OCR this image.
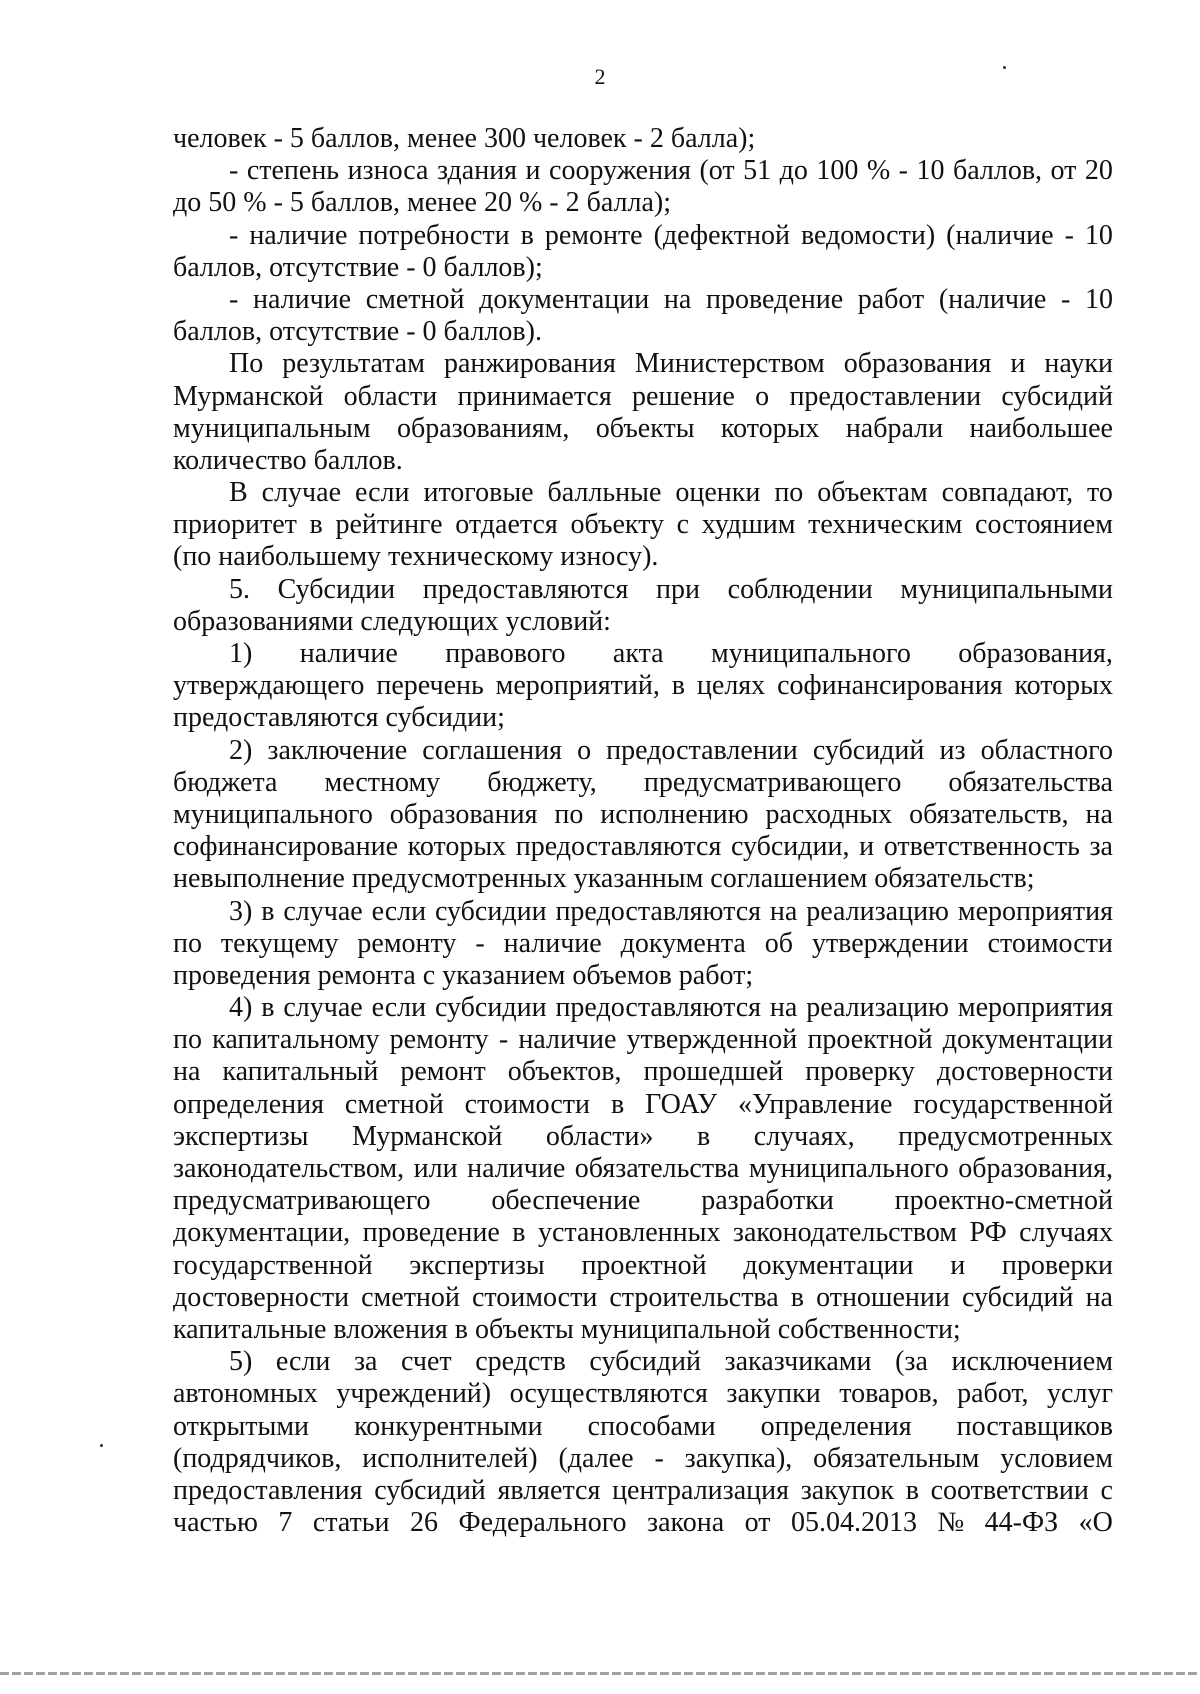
2
человек - 5 баллов, менее 300 человек - 2 балла);
- степень износа здания и сооружения (от 51 до 100 % - 10 баллов, от 20
до 50 % - 5 баллов, менее 20 % - 2 балла);
- наличие потребности в ремонте (дефектной ведомости) (наличие - 10
баллов, отсутствие - 0 баллов);
- наличие сметной документации на проведение работ (наличие - 10
баллов, отсутствие - 0 баллов).
По результатам ранжирования Министерством образования и науки
Мурманской области принимается решение о предоставлении субсидий
муниципальным образованиям, объекты которых набрали наибольшее
количество баллов.
В случае если итоговые балльные оценки по объектам совпадают, то
приоритет в рейтинге отдается объекту с худшим техническим состоянием
(по наибольшему техническому износу).
5. Субсидии предоставляются при соблюдении муниципальными
образованиями следующих условий:
1) наличие правового акта муниципального образования,
утверждающего перечень мероприятий, в целях софинансирования которых
предоставляются субсидии;
2) заключение соглашения о предоставлении субсидий из областного
бюджета местному бюджету, предусматривающего обязательства
муниципального образования по исполнению расходных обязательств, на
софинансирование которых предоставляются субсидии, и ответственность за
невыполнение предусмотренных указанным соглашением обязательств;
3) в случае если субсидии предоставляются на реализацию мероприятия
по текущему ремонту - наличие документа об утверждении стоимости
проведения ремонта с указанием объемов работ;
4) в случае если субсидии предоставляются на реализацию мероприятия
по капитальному ремонту - наличие утвержденной проектной документации
на капитальный ремонт объектов, прошедшей проверку достоверности
определения сметной стоимости в ГОАУ «Управление государственной
экспертизы Мурманской области» в случаях, предусмотренных
законодательством, или наличие обязательства муниципального образования,
предусматривающего обеспечение разработки проектно-сметной
документации, проведение в установленных законодательством РФ случаях
государственной экспертизы проектной документации и проверки
достоверности сметной стоимости строительства в отношении субсидий на
капитальные вложения в объекты муниципальной собственности;
5) если за счет средств субсидий заказчиками (за исключением
автономных учреждений) осуществляются закупки товаров, работ, услуг
открытыми конкурентными способами определения поставщиков
(подрядчиков, исполнителей) (далее - закупка), обязательным условием
предоставления субсидий является централизация закупок в соответствии с
частью 7 статьи 26 Федерального закона от 05.04.2013 № 44-ФЗ «О
